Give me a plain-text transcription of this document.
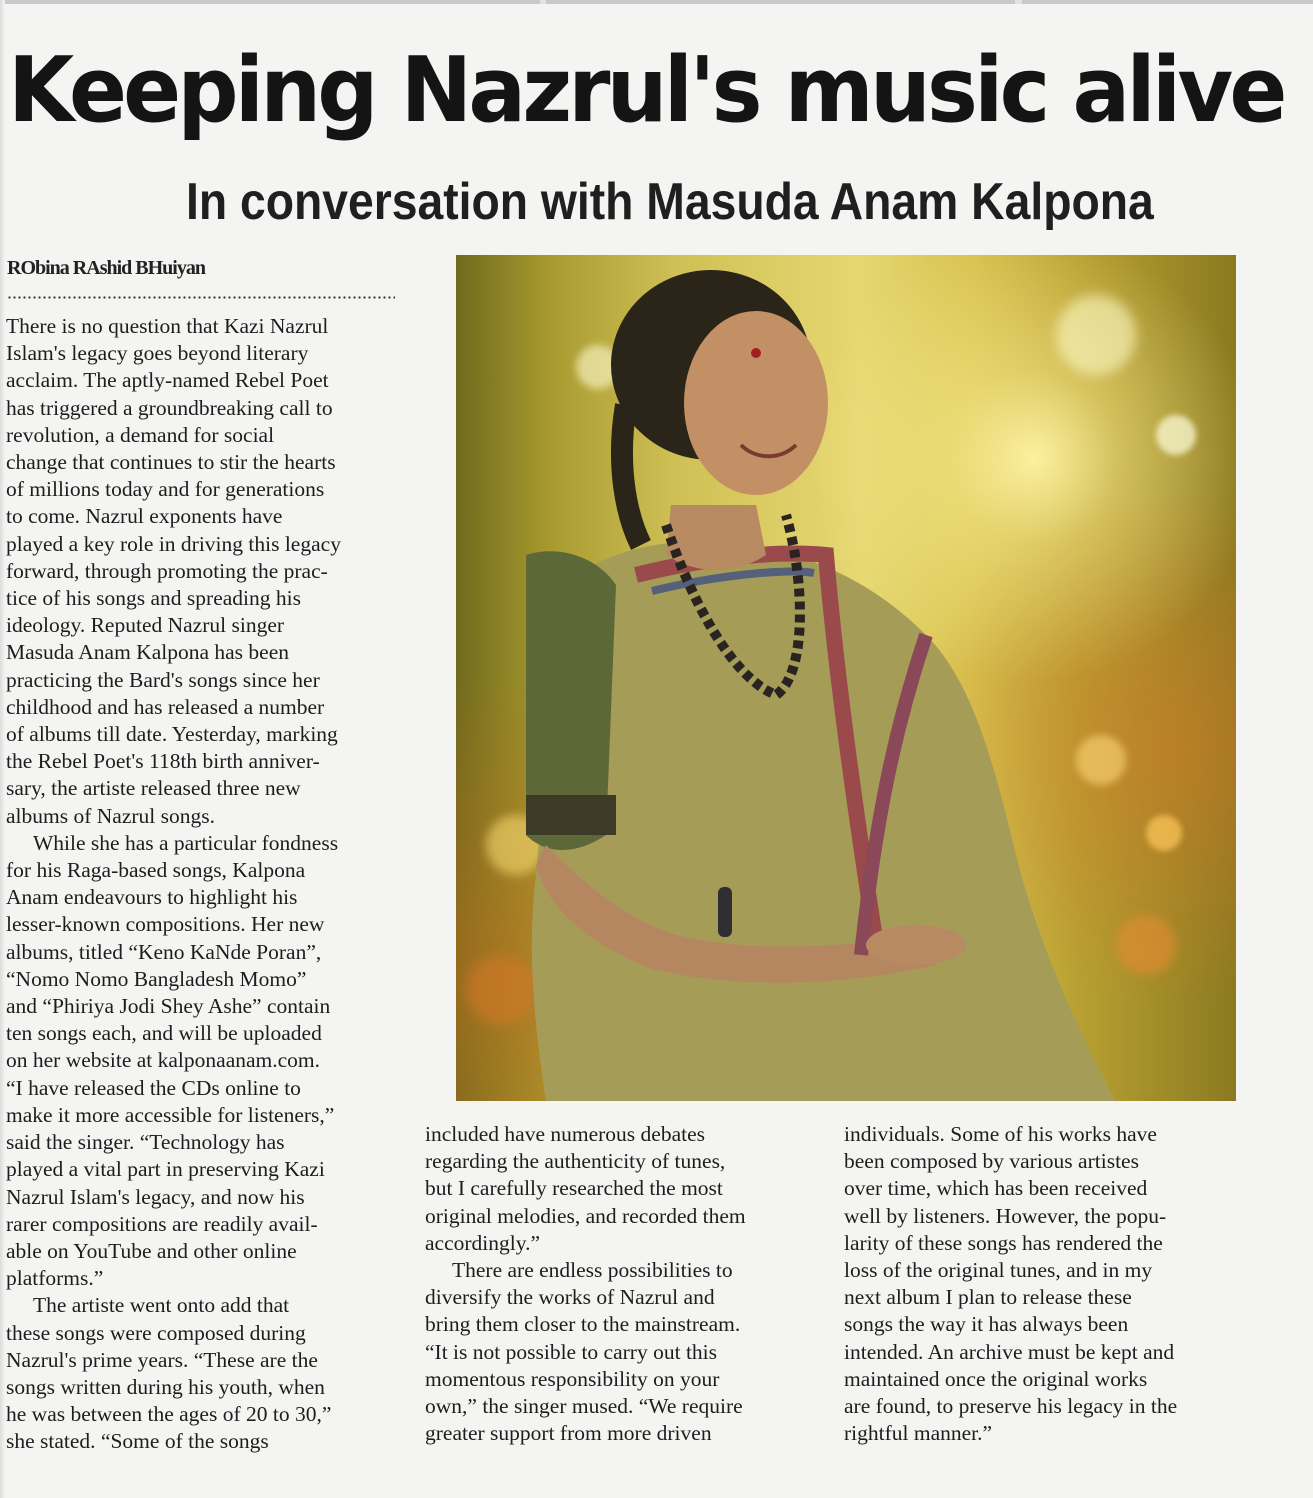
Keeping Nazrul's music alive
In conversation with Masuda Anam Kalpona
RObina RAshid BHuiyan

There is no question that Kazi Nazrul

Islam's legacy goes beyond literary

acclaim. The aptly-named Rebel Poet

has triggered a groundbreaking call to

revolution, a demand for social

change that continues to stir the hearts

of millions today and for generations

to come. Nazrul exponents have

played a key role in driving this legacy

forward, through promoting the prac-

tice of his songs and spreading his

ideology. Reputed Nazrul singer

Masuda Anam Kalpona has been

practicing the Bard's songs since her

childhood and has released a number

of albums till date. Yesterday, marking

the Rebel Poet's 118th birth anniver-

sary, the artiste released three new

albums of Nazrul songs.

While she has a particular fondness

for his Raga-based songs, Kalpona

Anam endeavours to highlight his

lesser-known compositions. Her new

albums, titled “Keno KaNde Poran”,

“Nomo Nomo Bangladesh Momo”

and “Phiriya Jodi Shey Ashe” contain

ten songs each, and will be uploaded

on her website at kalponaanam.com.

“I have released the CDs online to

make it more accessible for listeners,”

said the singer. “Technology has

played a vital part in preserving Kazi

Nazrul Islam's legacy, and now his

rarer compositions are readily avail-

able on YouTube and other online

platforms.”

The artiste went onto add that

these songs were composed during

Nazrul's prime years. “These are the

songs written during his youth, when

he was between the ages of 20 to 30,”

she stated. “Some of the songs

included have numerous debates

regarding the authenticity of tunes,

but I carefully researched the most

original melodies, and recorded them

accordingly.”

There are endless possibilities to

diversify the works of Nazrul and

bring them closer to the mainstream.

“It is not possible to carry out this

momentous responsibility on your

own,” the singer mused. “We require

greater support from more driven

individuals. Some of his works have

been composed by various artistes

over time, which has been received

well by listeners. However, the popu-

larity of these songs has rendered the

loss of the original tunes, and in my

next album I plan to release these

songs the way it has always been

intended. An archive must be kept and

maintained once the original works

are found, to preserve his legacy in the

rightful manner.”
